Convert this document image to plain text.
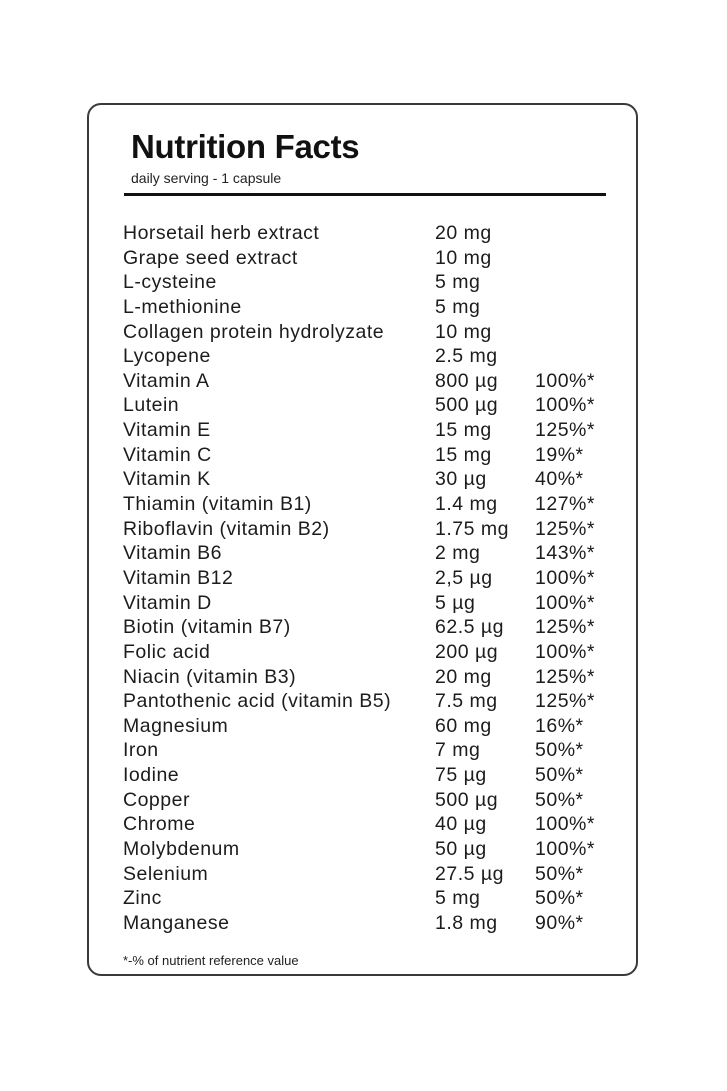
Nutrition Facts
daily serving - 1 capsule
Horsetail herb extract	20 mg
Grape seed extract	10 mg
L-cysteine	5 mg
L-methionine	5 mg
Collagen protein hydrolyzate	10 mg
Lycopene	2.5 mg
Vitamin A	800 µg 100%*
Lutein	500 µg 100%*
Vitamin E	15 mg 125%*
Vitamin C	15 mg 19%*
Vitamin K	30 µg 40%*
Thiamin (vitamin B1)	1.4 mg 127%*
Riboflavin (vitamin B2)	1.75 mg 125%*
Vitamin B6	2 mg	143%*
Vitamin B12	2,5 µg 100%*
Vitamin D	5 µg	100%*
Biotin (vitamin B7)	62.5 µg 125%*
Folic acid	200 µg 100%*
Niacin (vitamin B3)	20 mg 125%*
Pantothenic acid (vitamin B5) 7.5 mg 125%*
Magnesium	60 mg 16%*
Iron	7 mg	50%*
Iodine	75 µg 50%*
Copper	500 µg 50%*
Chrome	40 µg 100%*
Molybdenum	50 µg 100%*
Selenium	27.5 µg 50%*
Zinc	5 mg	50%*
Manganese	1.8 mg 90%*
*-% of nutrient reference value
